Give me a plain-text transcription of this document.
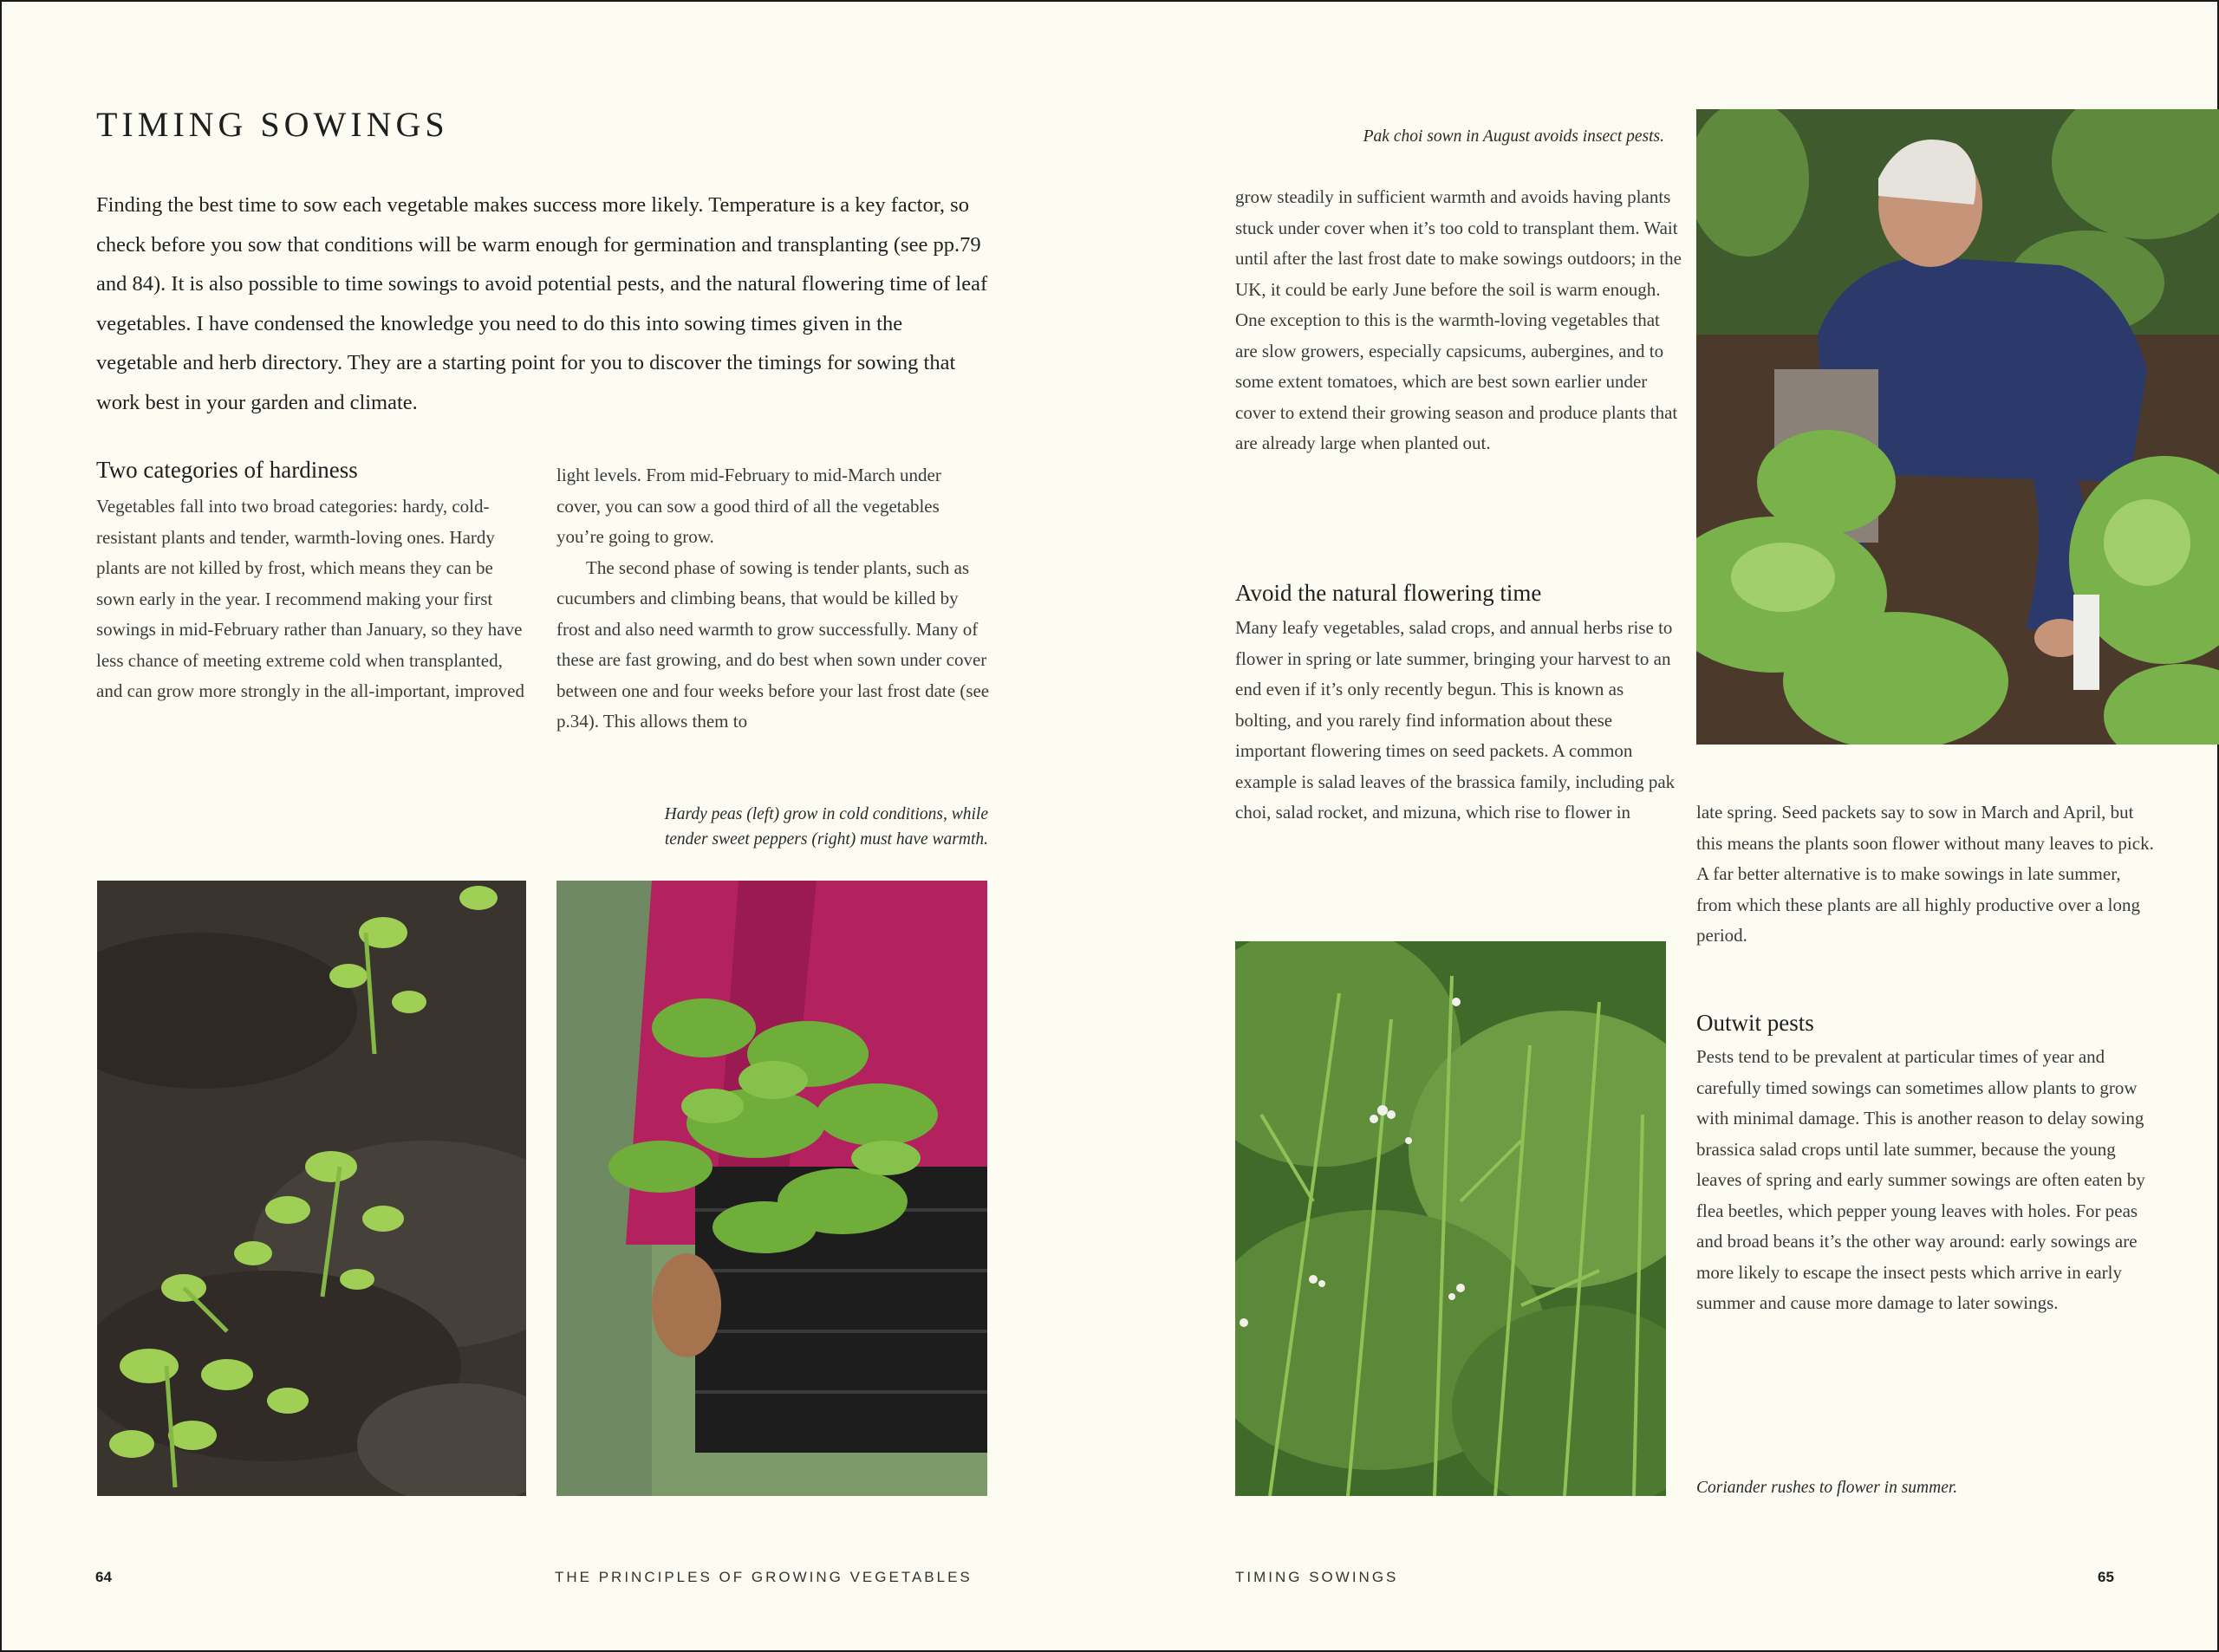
TIMING SOWINGS

Finding the best time to sow each vegetable makes success more likely. Temperature is a key factor, so check before you sow that conditions will be warm enough for germination and transplanting (see pp.79 and 84). It is also possible to time sowings to avoid potential pests, and the natural flowering time of leaf vegetables. I have condensed the knowledge you need to do this into sowing times given in the vegetable and herb directory. They are a starting point for you to discover the timings for sowing that work best in your garden and climate.

Two categories of hardiness

Vegetables fall into two broad categories: hardy, cold-resistant plants and tender, warmth-loving ones. Hardy plants are not killed by frost, which means they can be sown early in the year. I recommend making your first sowings in mid-February rather than January, so they have less chance of meeting extreme cold when transplanted, and can grow more strongly in the all-important, improved

light levels. From mid-February to mid-March under cover, you can sow a good third of all the vegetables you’re going to grow.

The second phase of sowing is tender plants, such as cucumbers and climbing beans, that would be killed by frost and also need warmth to grow successfully. Many of these are fast growing, and do best when sown under cover between one and four weeks before your last frost date (see p.34). This allows them to

Hardy peas (left) grow in cold conditions, while
tender sweet peppers (right) must have warmth.
64	THE PRINCIPLES OF GROWING VEGETABLES
Pak choi sown in August avoids insect pests.

grow steadily in sufficient warmth and avoids having plants stuck under cover when it’s too cold to transplant them. Wait until after the last frost date to make sowings outdoors; in the UK, it could be early June before the soil is warm enough. One exception to this is the warmth-loving vegetables that are slow growers, especially capsicums, aubergines, and to some extent tomatoes, which are best sown earlier under cover to extend their growing season and produce plants that are already large when planted out.

Avoid the natural flowering time

Many leafy vegetables, salad crops, and annual herbs rise to flower in spring or late summer, bringing your harvest to an end even if it’s only recently begun. This is known as bolting, and you rarely find information about these important flowering times on seed packets. A common example is salad leaves of the brassica family, including pak choi, salad rocket, and mizuna, which rise to flower in	late spring. Seed packets say to sow in March and April, but this means the plants soon flower without many leaves to pick. A far better alternative is to make sowings in late summer, from which these plants are all highly productive over a long period.

Outwit pests

Pests tend to be prevalent at particular times of year and carefully timed sowings can sometimes allow plants to grow with minimal damage. This is another reason to delay sowing brassica salad crops until late summer, because the young leaves of spring and early summer sowings are often eaten by flea beetles, which pepper young leaves with holes. For peas and broad beans it’s the other way around: early sowings are more likely to escape the insect pests which arrive in early summer and cause more damage to later sowings.

Coriander rushes to flower in summer.
TIMING SOWINGS	65
